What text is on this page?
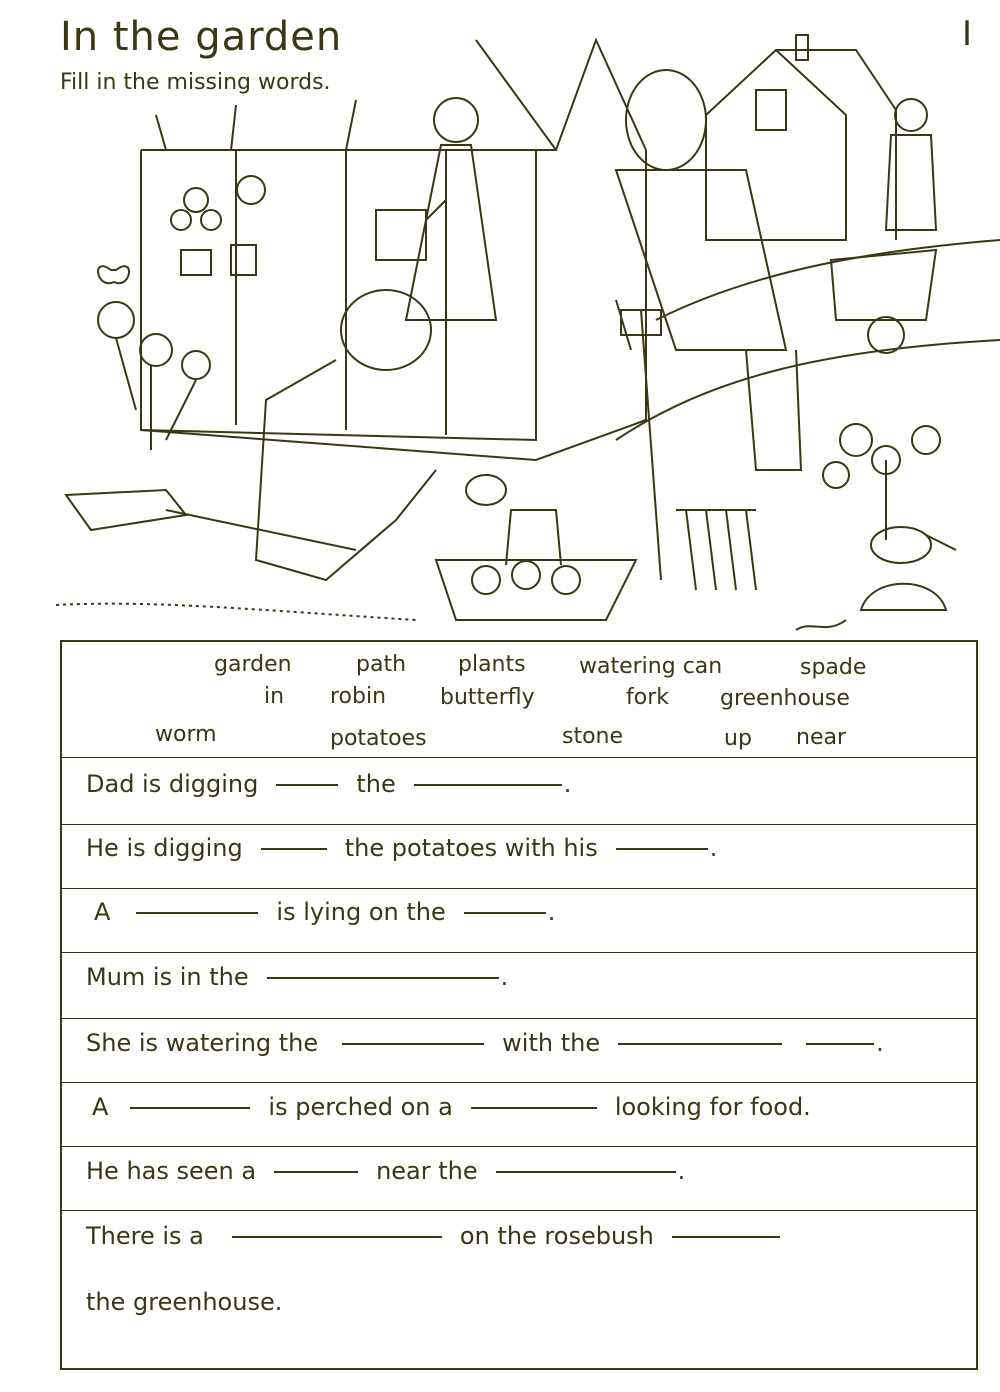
In the garden
Fill in the missing words.
I
garden	path plants watering can	spade
in robin butterfly	fork greenhouse
worm	potatoes	stone	up near
Dad is digging	the	.
He is digging	the potatoes with his	.
A	is lying on the	.
Mum is in the	.
She is watering the	with the	.
A	is perched on a	looking for food.
He has seen a	near the	.
There is a	on the rosebush
the greenhouse.
